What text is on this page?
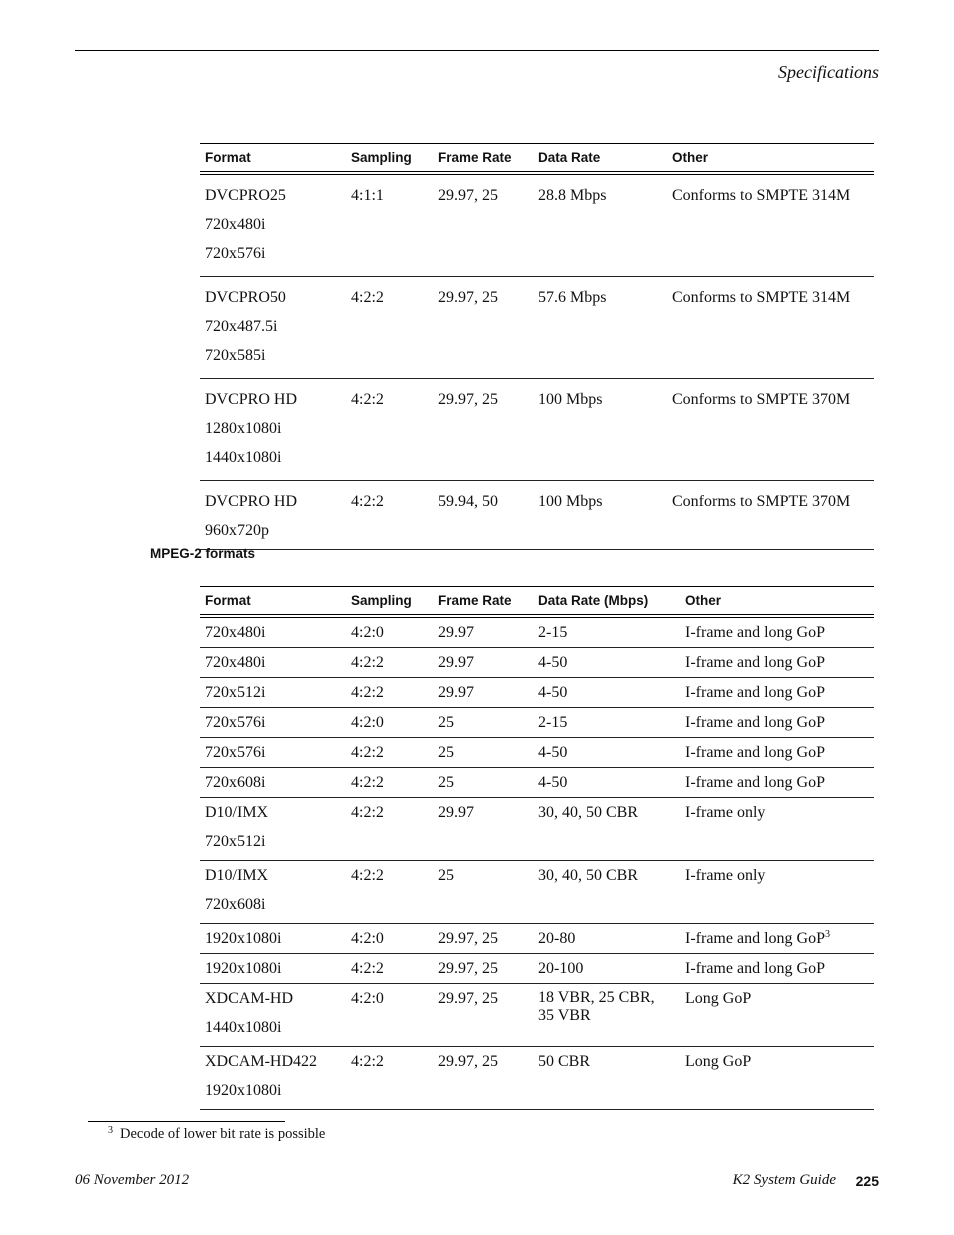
Specifications
Format	Sampling	Frame Rate	Data Rate	Other
DVCPRO25
720x480i
720x576i
4:1:1	29.97, 25	28.8 Mbps	Conforms to SMPTE 314M
DVCPRO50
720x487.5i
720x585i
4:2:2	29.97, 25	57.6 Mbps	Conforms to SMPTE 314M
DVCPRO HD
1280x1080i
1440x1080i
4:2:2	29.97, 25	100 Mbps	Conforms to SMPTE 370M
DVCPRO HD
960x720p
4:2:2	59.94, 50	100 Mbps	Conforms to SMPTE 370M
MPEG-2 formats
Format	Sampling	Frame Rate	Data Rate (Mbps)	Other
720x480i	4:2:0	29.97	2-15	I-frame and long GoP
720x480i	4:2:2	29.97	4-50	I-frame and long GoP
720x512i	4:2:2	29.97	4-50	I-frame and long GoP
720x576i	4:2:0	25	2-15	I-frame and long GoP
720x576i	4:2:2	25	4-50	I-frame and long GoP
720x608i	4:2:2	25	4-50	I-frame and long GoP
D10/IMX
720x512i
4:2:2	29.97	30, 40, 50 CBR	I-frame only
D10/IMX
720x608i
4:2:2	25	30, 40, 50 CBR	I-frame only
1920x1080i	4:2:0	29.97, 25	20-80	I-frame and long GoP$^3$
1920x1080i	4:2:2	29.97, 25	20-100	I-frame and long GoP
XDCAM-HD
1440x1080i
4:2:0	29.97, 25	18 VBR, 25 CBR,
35 VBR
Long GoP
XDCAM-HD422
1920x1080i
4:2:2	29.97, 25	50 CBR	Long GoP
$^3$ Decode of lower bit rate is possible
06 November 2012	K2 System Guide 225
